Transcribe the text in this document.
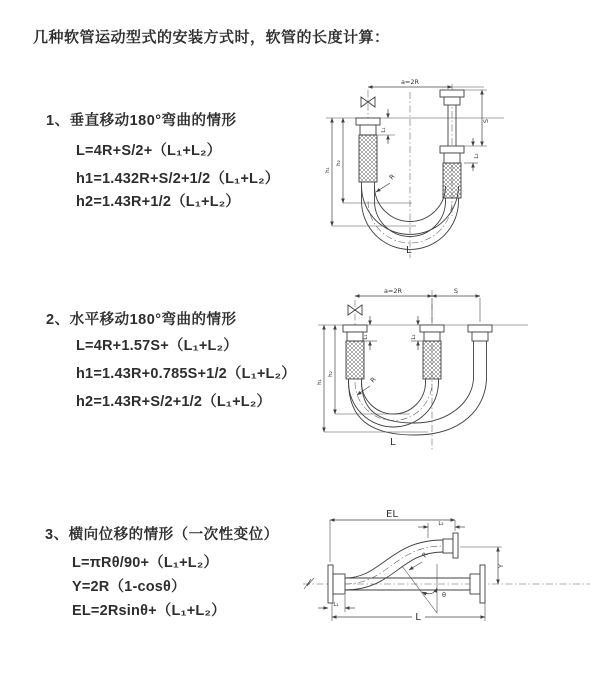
几种软管运动型式的安装方式时，软管的长度计算：
1、垂直移动180°弯曲的情形
L=4R+S/2+（L₁+L₂）
h1=1.432R+S/2+1/2（L₁+L₂）
h2=1.43R+1/2（L₁+L₂）
2、水平移动180°弯曲的情形
L=4R+1.57S+（L₁+L₂）
h1=1.43R+0.785S+1/2（L₁+L₂）
h2=1.43R+S/2+1/2（L₁+L₂）
3、横向位移的情形（一次性变位）
L=πRθ/90+（L₁+L₂）
Y=2R（1-cosθ）
EL=2Rsinθ+（L₁+L₂）
a=2R
R
h₁
h₂
L₁
S
L₂
L
a=2R	S
R
h₁
h₂
L₁	L₂
L
EL
L₂
Y
R
θ
L₁
L
